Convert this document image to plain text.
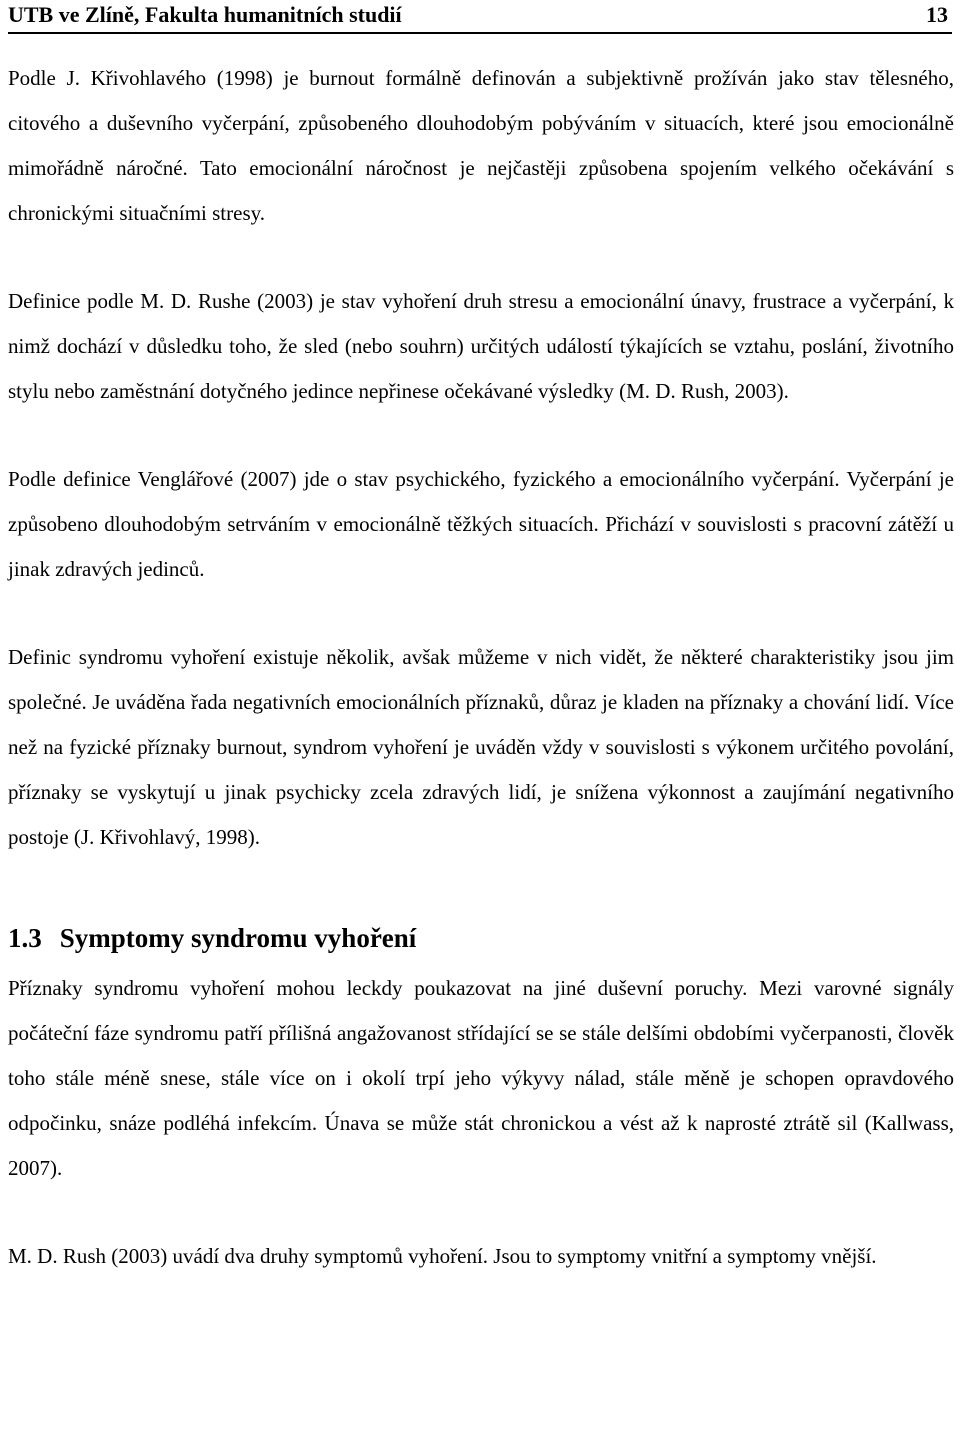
UTB ve Zlíně, Fakulta humanitních studií	13

Podle J. Křivohlavého (1998) je burnout formálně definován a subjektivně prožíván jako stav tělesného, citového a duševního vyčerpání, způsobeného dlouhodobým pobýváním v situacích, které jsou emocionálně mimořádně náročné. Tato emocionální náročnost je nejčastěji způsobena spojením velkého očekávání s chronickými situačními stresy.

Definice podle M. D. Rushe (2003) je stav vyhoření druh stresu a emocionální únavy, frustrace a vyčerpání, k nimž dochází v důsledku toho, že sled (nebo souhrn) určitých událostí týkajících se vztahu, poslání, životního stylu nebo zaměstnání dotyčného jedince nepřinese očekávané výsledky (M. D. Rush, 2003).

Podle definice Venglářové (2007) jde o stav psychického, fyzického a emocionálního vyčerpání. Vyčerpání je způsobeno dlouhodobým setrváním v emocionálně těžkých situacích. Přichází v souvislosti s pracovní zátěží u jinak zdravých jedinců.

Definic syndromu vyhoření existuje několik, avšak můžeme v nich vidět, že některé charakteristiky jsou jim společné. Je uváděna řada negativních emocionálních příznaků, důraz je kladen na příznaky a chování lidí. Více než na fyzické příznaky burnout, syndrom vyhoření je uváděn vždy v souvislosti s výkonem určitého povolání, příznaky se vyskytují u jinak psychicky zcela zdravých lidí, je snížena výkonnost a zaujímání negativního postoje (J. Křivohlavý, 1998).

1.3 Symptomy syndromu vyhoření

Příznaky syndromu vyhoření mohou leckdy poukazovat na jiné duševní poruchy. Mezi varovné signály počáteční fáze syndromu patří přílišná angažovanost střídající se se stále delšími obdobími vyčerpanosti, člověk toho stále méně snese, stále více on i okolí trpí jeho výkyvy nálad, stále měně je schopen opravdového odpočinku, snáze podléhá infekcím. Únava se může stát chronickou a vést až k naprosté ztrátě sil (Kallwass, 2007).

M. D. Rush (2003) uvádí dva druhy symptomů vyhoření. Jsou to symptomy vnitřní a symptomy vnější.
